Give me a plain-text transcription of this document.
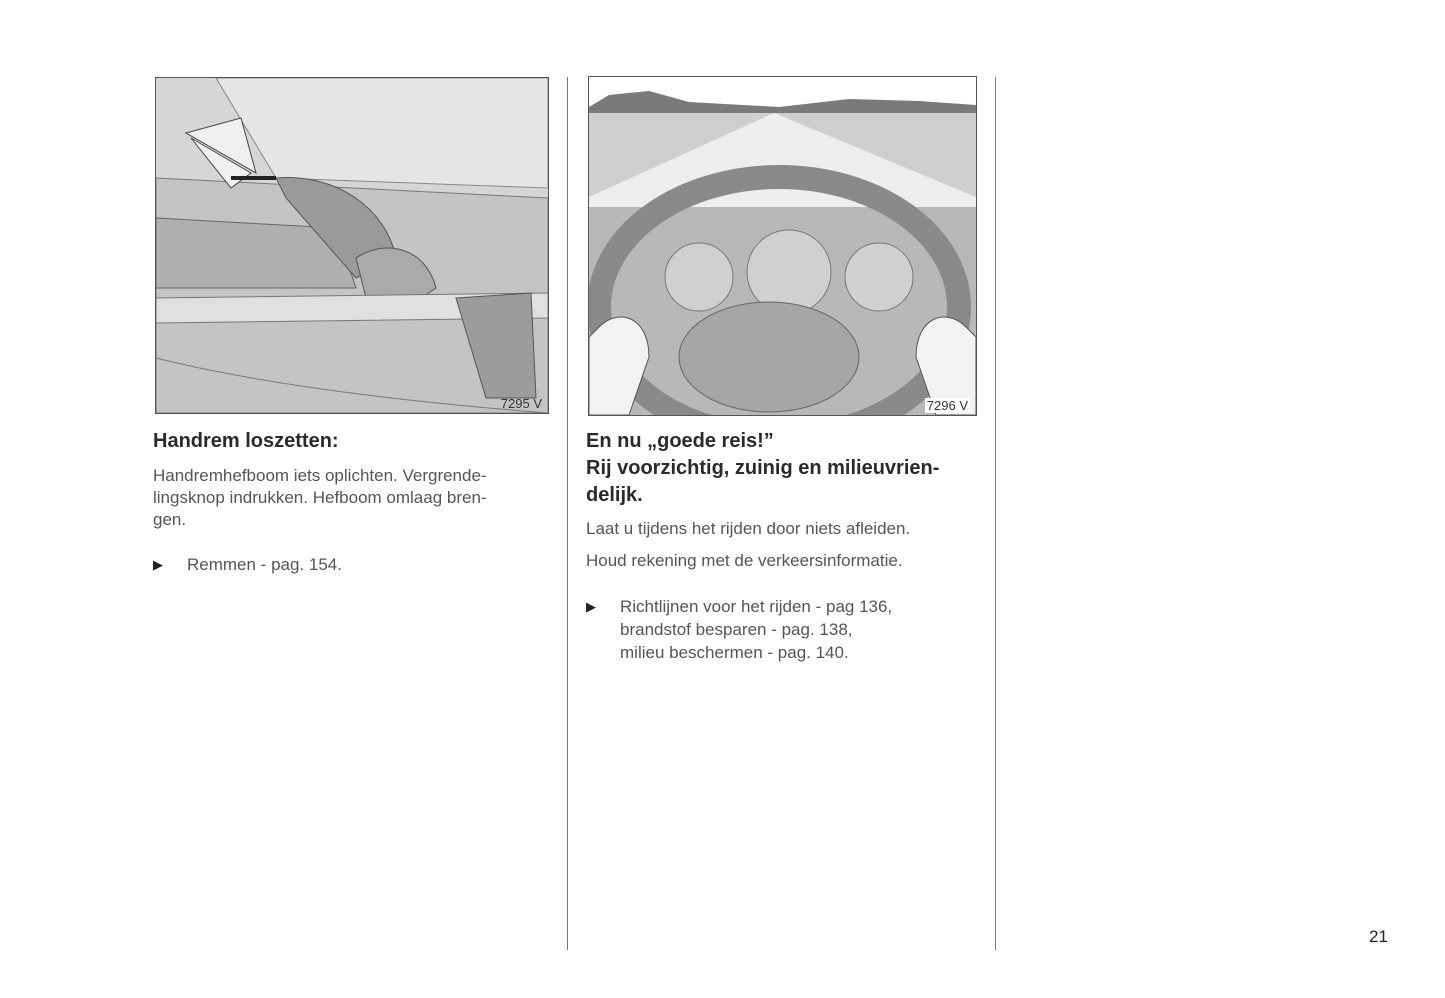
7295 V
Handrem loszetten:

Handremhefboom iets oplichten. Vergrende-

lingsknop indrukken. Hefboom omlaag bren-

gen.

▶ Remmen - pag. 154.
7296 V
En nu „goede reis!”
Rij voorzichtig, zuinig en milieuvrien-
delijk.

Laat u tijdens het rijden door niets afleiden.

Houd rekening met de verkeersinformatie.

▶ Richtlijnen voor het rijden - pag 136,
brandstof besparen - pag. 138,
milieu beschermen - pag. 140.
21
